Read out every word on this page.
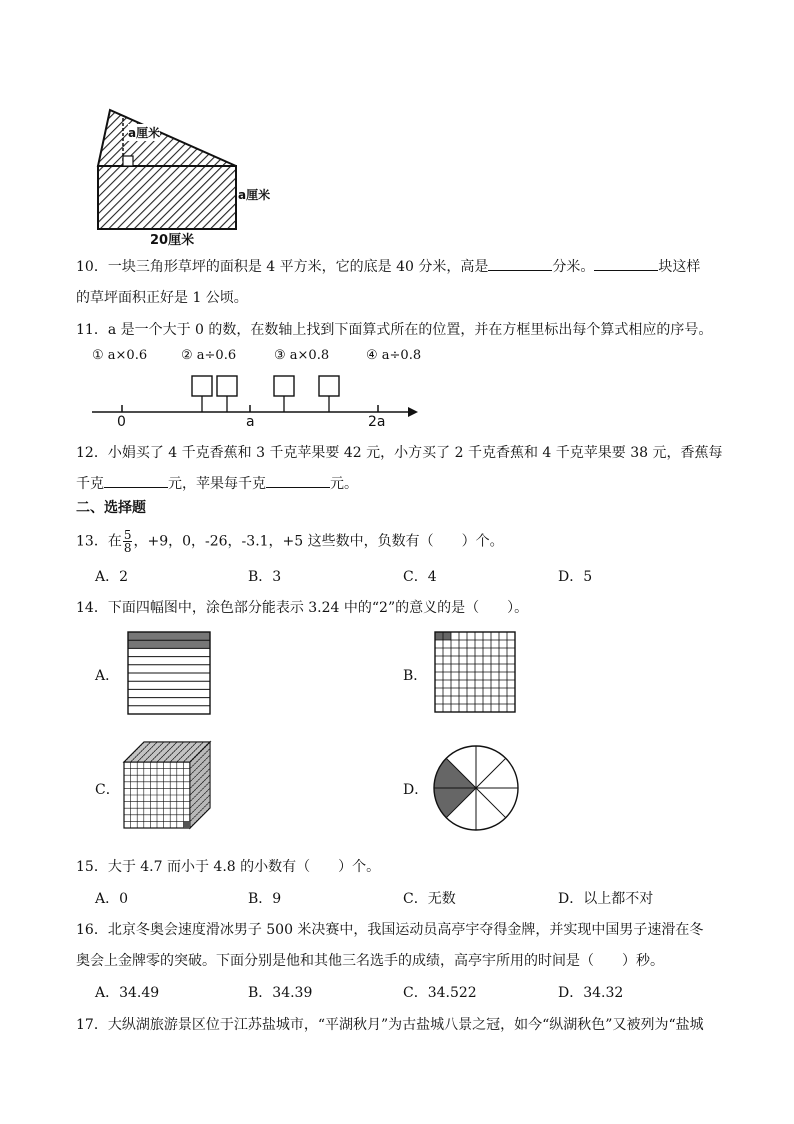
a厘米
a厘米
20厘米
10．一块三角形草坪的面积是 4 平方米，它的底是 40 分米，高是	分米。	块这样
的草坪面积正好是 1 公顷。
11．a 是一个大于 0 的数，在数轴上找到下面算式所在的位置，并在方框里标出每个算式相应的序号。
① a×0.6	② a÷0.6	③ a×0.8	④ a÷0.8
0	a	2a
12．小娟买了 4 千克香蕉和 3 千克苹果要 42 元，小方买了 2 千克香蕉和 4 千克苹果要 38 元，香蕉每
千克	元，苹果每千克	元。
二、选择题
13．在 $\frac{5}{8}$ ，+9，0，-26，-3.1，+5 这些数中，负数有（　　）个。
A．2	B．3	C．4	D．5
14．下面四幅图中，涂色部分能表示 3.24 中的“2”的意义的是（　　）。
A．	B．
C．	D．
15．大于 4.7 而小于 4.8 的小数有（　　）个。
A．0	B．9	C．无数	D．以上都不对
16．北京冬奥会速度滑冰男子 500 米决赛中，我国运动员高亭宇夺得金牌，并实现中国男子速滑在冬
奥会上金牌零的突破。下面分别是他和其他三名选手的成绩，高亭宇所用的时间是（　　）秒。
A．34.49	B．34.39	C．34.522	D．34.32
17．大纵湖旅游景区位于江苏盐城市，“平湖秋月”为古盐城八景之冠，如今“纵湖秋色”又被列为“盐城
